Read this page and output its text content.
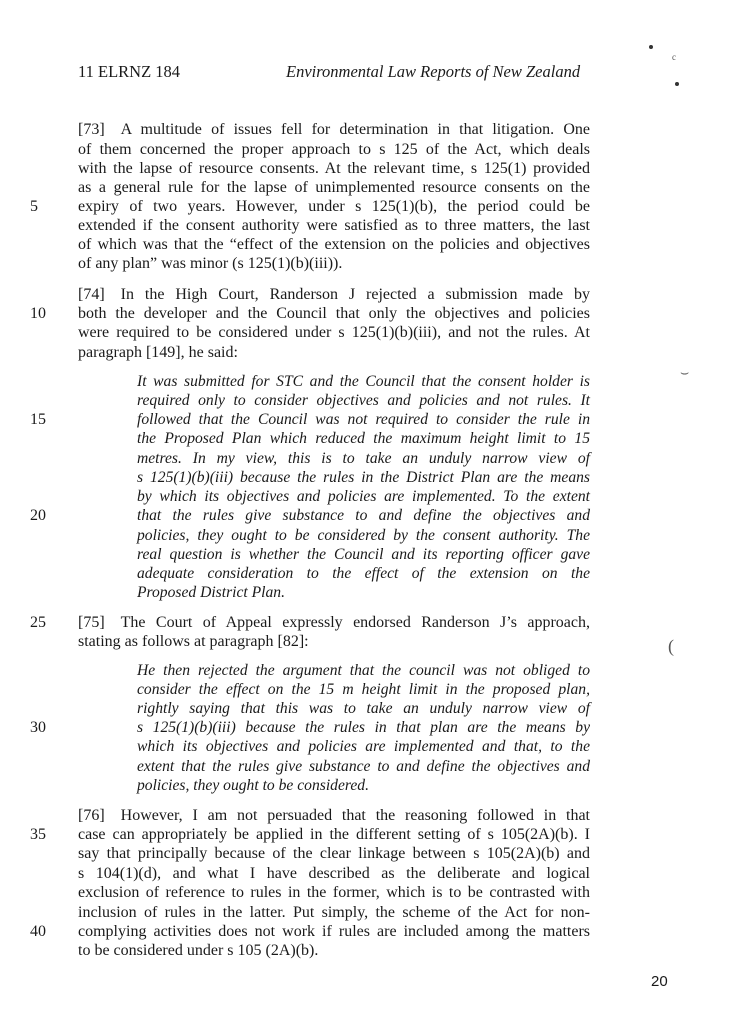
11 ELRNZ 184	Environmental Law Reports of New Zealand
[73]  A multitude of issues fell for determination in that litigation. One
of them concerned the proper approach to s 125 of the Act, which deals
with the lapse of resource consents. At the relevant time, s 125(1) provided
as a general rule for the lapse of unimplemented resource consents on the
expiry of two years. However, under s 125(1)(b), the period could be
extended if the consent authority were satisfied as to three matters, the last
of which was that the “effect of the extension on the policies and objectives
of any plan” was minor (s 125(1)(b)(iii)).
[74]  In the High Court, Randerson J rejected a submission made by
both the developer and the Council that only the objectives and policies
were required to be considered under s 125(1)(b)(iii), and not the rules. At
paragraph [149], he said:
It was submitted for STC and the Council that the consent holder is
required only to consider objectives and policies and not rules. It
followed that the Council was not required to consider the rule in
the Proposed Plan which reduced the maximum height limit to 15
metres. In my view, this is to take an unduly narrow view of
s 125(1)(b)(iii) because the rules in the District Plan are the means
by which its objectives and policies are implemented. To the extent
that the rules give substance to and define the objectives and
policies, they ought to be considered by the consent authority. The
real question is whether the Council and its reporting officer gave
adequate consideration to the effect of the extension on the
Proposed District Plan.
[75]  The Court of Appeal expressly endorsed Randerson J’s approach,
stating as follows at paragraph [82]:
He then rejected the argument that the council was not obliged to
consider the effect on the 15 m height limit in the proposed plan,
rightly saying that this was to take an unduly narrow view of
s 125(1)(b)(iii) because the rules in that plan are the means by
which its objectives and policies are implemented and that, to the
extent that the rules give substance to and define the objectives and
policies, they ought to be considered.
[76]  However, I am not persuaded that the reasoning followed in that
case can appropriately be applied in the different setting of s 105(2A)(b). I
say that principally because of the clear linkage between s 105(2A)(b) and
s 104(1)(d), and what I have described as the deliberate and logical
exclusion of reference to rules in the former, which is to be contrasted with
inclusion of rules in the latter. Put simply, the scheme of the Act for non-
complying activities does not work if rules are included among the matters
to be considered under s 105 (2A)(b).
5
10
15
20
25
30
35
40
20
c
⌣
(
